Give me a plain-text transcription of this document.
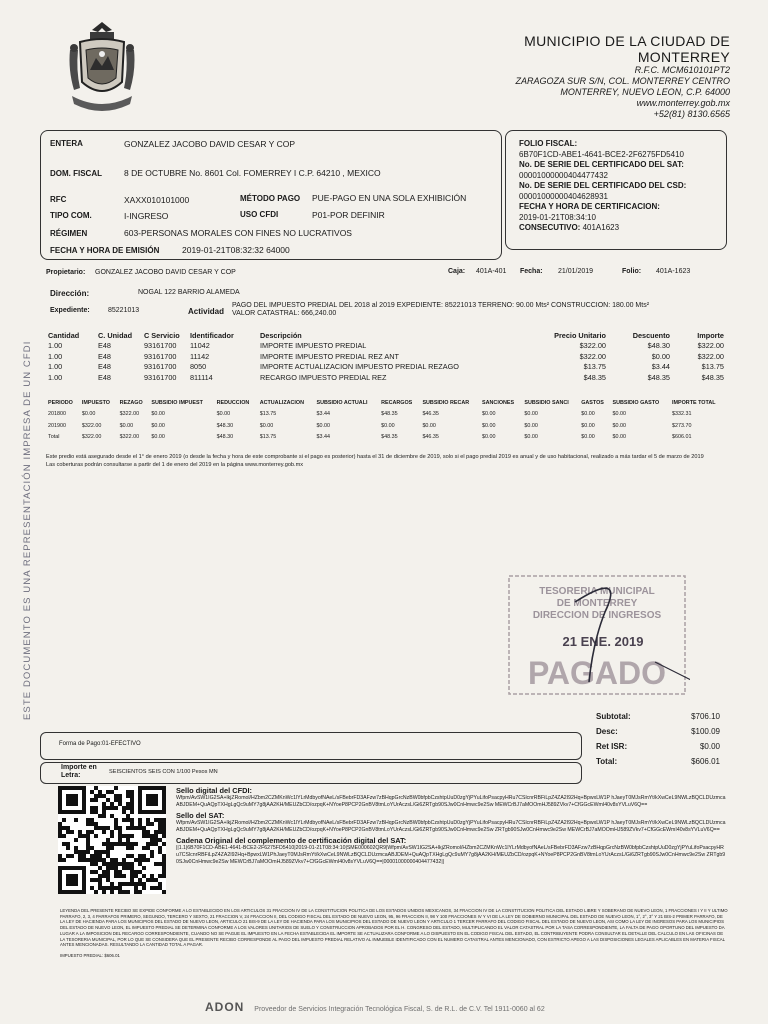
MUNICIPIO DE LA CIUDAD DE MONTERREY
R.F.C. MCM610101PT2
ZARAGOZA SUR S/N, COL. MONTERREY CENTRO
MONTERREY, NUEVO LEON, C.P. 64000
www.monterrey.gob.mx
+52(81) 8130.6565
ENTERA	GONZALEZ JACOBO DAVID CESAR Y COP
DOM. FISCAL	8 DE OCTUBRE No. 8601 Col. FOMERREY I C.P. 64210 , MEXICO
RFC	XAXX010101000	MÉTODO PAGO PUE-PAGO EN UNA SOLA EXHIBICIÓN
TIPO COM.	I-INGRESO	USO CFDI	P01-POR DEFINIR
RÉGIMEN	603-PERSONAS MORALES CON FINES NO LUCRATIVOS
FECHA Y HORA DE EMISIÓN	2019-01-21T08:32:32 64000
FOLIO FISCAL:
6B70F1CD-ABE1-4641-BCE2-2F6275FD5410
No. DE SERIE DEL CERTIFICADO DEL SAT:
00001000000404477432
No. DE SERIE DEL CERTIFICADO DEL CSD:
00001000000404628931
FECHA Y HORA DE CERTIFICACION:
2019-01-21T08:34:10
CONSECUTIVO: 401A1623
Propietario: GONZALEZ JACOBO DAVID CESAR Y COP	Caja: 401A-401 Fecha: 21/01/2019	Folio: 401A-1623
Dirección:	NOGAL 122 BARRIO ALAMEDA
Expediente:	85221013	Actividad
PAGO DEL IMPUESTO PREDIAL DEL 2018 al 2019 EXPEDIENTE: 85221013 TERRENO: 90.00 Mts² CONSTRUCCION: 180.00 Mts²
VALOR CATASTRAL: 666,240.00
Cantidad	C. Unidad	C Servicio	Identificador	Descripción	Precio Unitario	Descuento	Importe
1.00	E48	93161700	11042	IMPORTE IMPUESTO PREDIAL	$322.00	$48.30	$322.00
1.00	E48	93161700	11142	IMPORTE IMPUESTO PREDIAL REZ ANT	$322.00	$0.00	$322.00
1.00	E48	93161700	8050	IMPORTE ACTUALIZACION IMPUESTO PREDIAL REZAGO	$13.75	$3.44	$13.75
1.00	E48	93161700	811114	RECARGO IMPUESTO PREDIAL REZ	$48.35	$48.35	$48.35
PERIODO	IMPUESTO	REZAGO	SUBSIDIO IMPUEST	REDUCCION	ACTUALIZACION	SUBSIDIO ACTUALI	RECARGOS	SUBSIDIO RECAR	SANCIONES	SUBSIDIO SANCI	GASTOS	SUBSIDIO GASTO	IMPORTE TOTAL
201800	$0.00	$322.00	$0.00	$0.00	$13.75	$3.44	$48.35	$46.35	$0.00	$0.00	$0.00	$0.00	$332.31
201900	$322.00	$0.00	$0.00	$48.30	$0.00	$0.00	$0.00	$0.00	$0.00	$0.00	$0.00	$0.00	$273.70
Total	$322.00	$322.00	$0.00	$48.30	$13.75	$3.44	$48.35	$46.35	$0.00	$0.00	$0.00	$0.00	$606.01
Este predio está asegurado desde el 1° de enero 2019 (o desde la fecha y hora de este comprobante si el pago es posterior) hasta el 31 de diciembre de 2019, solo si el pago predial 2019 es anual y de uso habitacional, realizado a más tardar el 5 de marzo de 2019
Las coberturas podrán consultarse a partir del 1 de enero del 2019 en la página www.monterrey.gob.mx
ESTE DOCUMENTO ES UNA REPRESENTACIÓN IMPRESA DE UN CFDI	TESORERIA MUNICIPAL
DE MONTERREY
DIRECCION DE INGRESOS
21 ENE. 2019
PAGADO
Subtotal:	$706.10
Desc:	$100.09
Ret ISR:	$0.00
Total:	$606.01
Forma de Pago:01-EFECTIVO
Importe en Letra:	SEISCIENTOS SEIS CON 1/100 Pesos MN
Sello digital del CFDI:
Wfpm/AvSW1IG2SA+lkjZRomol/HZbm2CZMKnWc1lYLrMdbyofNAeL/sFBebrFD3AFzw7zBHqpGrcNzBW0bfpbCzshtpUuD0zgYjPYuLifoPsacpyHRu7CSlcnrRBFiLpZ4ZA2I92Hq+BpwxLW1P hJaeyT0MJsRmYt/kXwCeL9NWLzBQCLDUzmcaABJDEM+QuAQpTXHgLgQc9uMY7g8jAA2KH/MEUZbCD/ozpqK+NYoeP8PCP2GnBV8tmLoYUrAczsL/Gi6ZRTgb90SJw0CnHmwc9e2Sw MEWCrBJ7aMOOmHJ589ZVkv7+CfGGcEWmI40v8sYVLuV6Q==
Sello del SAT:
Wfpm/AvSW1IG2SA+lkjZRomol/HZbm2CZMKnWc1lYLrMdbyofNAeL/sFBebrFD3AFzw7zBHqpGrcNzBW0bfpbCzshtpUuD0zgYjPYuLifoPsacpyHRu7CSlcnrRBFiLpZ4ZA2I92Hq+BpwxLW1P hJaeyT0MJsRmYt/kXwCeL9NWLzBQCLDUzmcaABJDEM+QuAQpTXHgLgQc9uMY7g8jAA2KH/MEUZbCD/ozpqK+NYoeP8PCP2GnBV8tmLoYUrAczsL/Gi6ZRTgb90SJw0CnHmwc9e2Sw ZRTgb90SJw0CnHmwc9e2Sw MEWCrBJ7aMOOmHJ589ZVkv7+CfGGcEWmI40v8sYVLuV6Q==
Cadena Original del complemento de certificación digital del SAT:
||1.1|6B70F1CD-ABE1-4641-BCE2-2F6275FD5410|2019-01-21T08:34:10|SME000602QR9|Wfpm/AvSW1IG2SA+lkjZRomol/HZbm2CZMKnWc1lYLrMdbyofNAeL/sFBebrFD3AFzw7zBHqpGrcNzBW0bfpbCzshtpUuD0zgYjPYuLifoPsacpyHRu7CSlcnrRBFiLpZ4ZA2I92Hq+BpwxLW1PhJaeyT0MJsRmYt/kXwCeL9NWLzBQCLDUzmcaABJDEM+QuAQpTXHgLgQc9uMY7g8jAA2KH/MEUZbCD/ozpqK+NYoeP8PCP2GnBV8tmLoYUrAczsL/Gi6ZRTgb90SJw0CnHmwc9e2Sw ZRTgb90SJw0CnHmwc9e2Sw MEWCrBJ7aMOOmHJ589ZVkv7+CfGGcEWmI40v8sYVLuV6Q==|00001000000404477432||
LEYENDA DEL PRESENTE RECIBO SE EXPIDE CONFORME A LO ESTABLECIDO EN LOS ARTICULOS 31 FRACCION IV DE LA CONSTITUCION POLITICA DE LOS ESTADOS UNIDOS MEXICANOS, 34 FRACCION IV DE LA CONSTITUCION POLITICA DEL ESTADO LIBRE Y SOBERANO DE NUEVO LEON, 1 FRACCIONES I Y II Y ULTIMO PARRAFO, 2, 3, 4 PARRAFOS PRIMERO, SEGUNDO, TERCERO Y SEXTO, 21 FRACCION V, 24 FRACCION II, DEL CODIGO FISCAL DEL ESTADO DE NUEVO LEON, 95, 96 FRACCION II, 98 Y 100 FRACCIONES IV Y VI DE LA LEY DE GOBIERNO MUNICIPAL DEL ESTADO DE NUEVO LEON, 1°, 2°, 3° Y 21 BIS-2 PRIMER PARRAFO, DE LA LEY DE HACIENDA PARA LOS MUNICIPIOS DEL ESTADO DE NUEVO LEON, ARTICULO 21 BIS-9 DE LA LEY DE HACIENDA PARA LOS MUNICIPIOS DEL ESTADO DE NUEVO LEON Y ARTICULO 1 TERCER PARRAFO DEL CODIGO FISCAL DEL ESTADO DE NUEVO LEON, ASI COMO LA LEY DE INGRESOS PARA LOS MUNICIPIOS DEL ESTADO DE NUEVO LEON, EL IMPUESTO PREDIAL SE DETERMINA CONFORME A LOS VALORES UNITARIOS DE SUELO Y CONSTRUCCION APROBADOS POR EL H. CONGRESO DEL ESTADO, MULTIPLICANDO EL VALOR CATASTRAL POR LA TASA CORRESPONDIENTE, LA FALTA DE PAGO OPORTUNO DEL IMPUESTO DA LUGAR A LA IMPOSICION DEL RECARGO CORRESPONDIENTE, CUANDO NO SE PAGUE EL IMPUESTO EN LA FECHA ESTABLECIDA EL IMPORTE SE ACTUALIZARA CONFORME A LO DISPUESTO EN EL CODIGO FISCAL DEL ESTADO, EL CONTRIBUYENTE PODRA CONSULTAR EL DETALLE DEL CALCULO EN LAS OFICINAS DE LA TESORERIA MUNICIPAL, POR LO QUE SE CONSIDERA QUE EL PRESENTE RECIBO CORRESPONDE AL PAGO DEL IMPUESTO PREDIAL RELATIVO AL INMUEBLE IDENTIFICADO CON EL NUMERO CATASTRAL ANTES MENCIONADO, CON ESTRICTO APEGO A LAS DISPOSICIONES LEGALES APLICABLES EN MATERIA FISCAL ANTES MENCIONADAS. RESULTANDO LA CANTIDAD TOTAL A PAGAR.
IMPUESTO PREDIAL: $606.01
ADON Proveedor de Servicios Integración Tecnológica Fiscal, S. de R.L. de C.V. Tel 1911-0060 al 62
